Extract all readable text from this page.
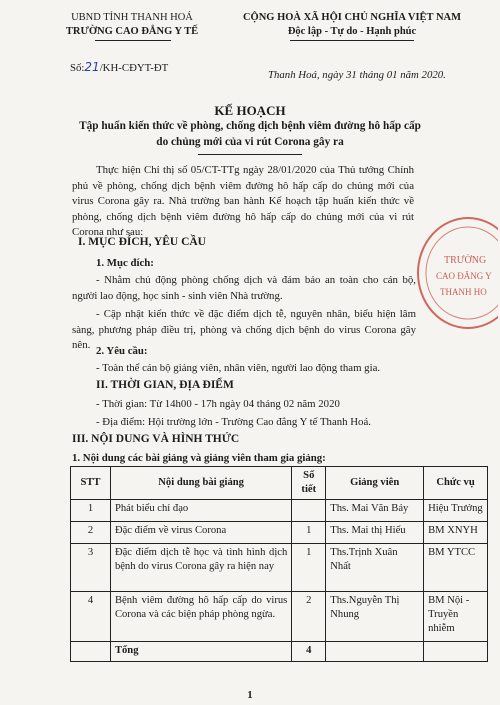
UBND TỈNH THANH HOÁ
TRƯỜNG CAO ĐẲNG Y TẾ
CỘNG HOÀ XÃ HỘI CHỦ NGHĨA VIỆT NAM
Độc lập - Tự do - Hạnh phúc
Số:21/KH-CĐYT-ĐT
Thanh Hoá, ngày 31 tháng 01 năm 2020.
KẾ HOẠCH
Tập huấn kiến thức về phòng, chống dịch bệnh viêm đường hô hấp cấp
do chủng mới của vi rút Corona gây ra
Thực hiện Chỉ thị số 05/CT-TTg ngày 28/01/2020 của Thủ tướng Chính phủ về phòng, chống dịch bệnh viêm đường hô hấp cấp do chủng mới của virus Corona gây ra. Nhà trường ban hành Kế hoạch tập huấn kiến thức về phòng, chống dịch bệnh viêm đường hô hấp cấp do chủng mới của vi rút Corona như sau:
TRƯỜNG
CAO ĐẲNG Y
THANH HO
I. MỤC ĐÍCH, YÊU CẦU
1. Mục đích:
- Nhằm chủ động phòng chống dịch và đảm bảo an toàn cho cán bộ, người lao động, học sinh - sinh viên Nhà trường.
- Cập nhật kiến thức về đặc điểm dịch tễ, nguyên nhân, biểu hiện lâm sàng, phương pháp điều trị, phòng và chống dịch bệnh do virus Corona gây nên. 2. Yêu cầu:
- Toàn thể cán bộ giảng viên, nhân viên, người lao động tham gia.
II. THỜI GIAN, ĐỊA ĐIỂM
- Thời gian: Từ 14h00 - 17h ngày 04 tháng 02 năm 2020
- Địa điểm: Hội trường lớn - Trường Cao đẳng Y tế Thanh Hoá.
III. NỘI DUNG VÀ HÌNH THỨC
1. Nội dung các bài giảng và giảng viên tham gia giảng:
STT	Nội dung bài giảng	Số tiết	Giảng viên	Chức vụ
1	Phát biểu chỉ đạo		Ths. Mai Văn Bảy	Hiệu Trưởng
2	Đặc điểm về virus Corona	1	Ths. Mai thị Hiếu	BM XNYH
3	Đặc điểm dịch tễ học và tình hình dịch bệnh do virus Corona gây ra hiện nay	1	Ths.Trịnh Xuân Nhất	BM YTCC
4	Bệnh viêm đường hô hấp cấp do virus Corona và các biện pháp phòng ngừa.	2	Ths.Nguyễn Thị Nhung	BM Nội - Truyền nhiễm
	Tổng	4		
1
